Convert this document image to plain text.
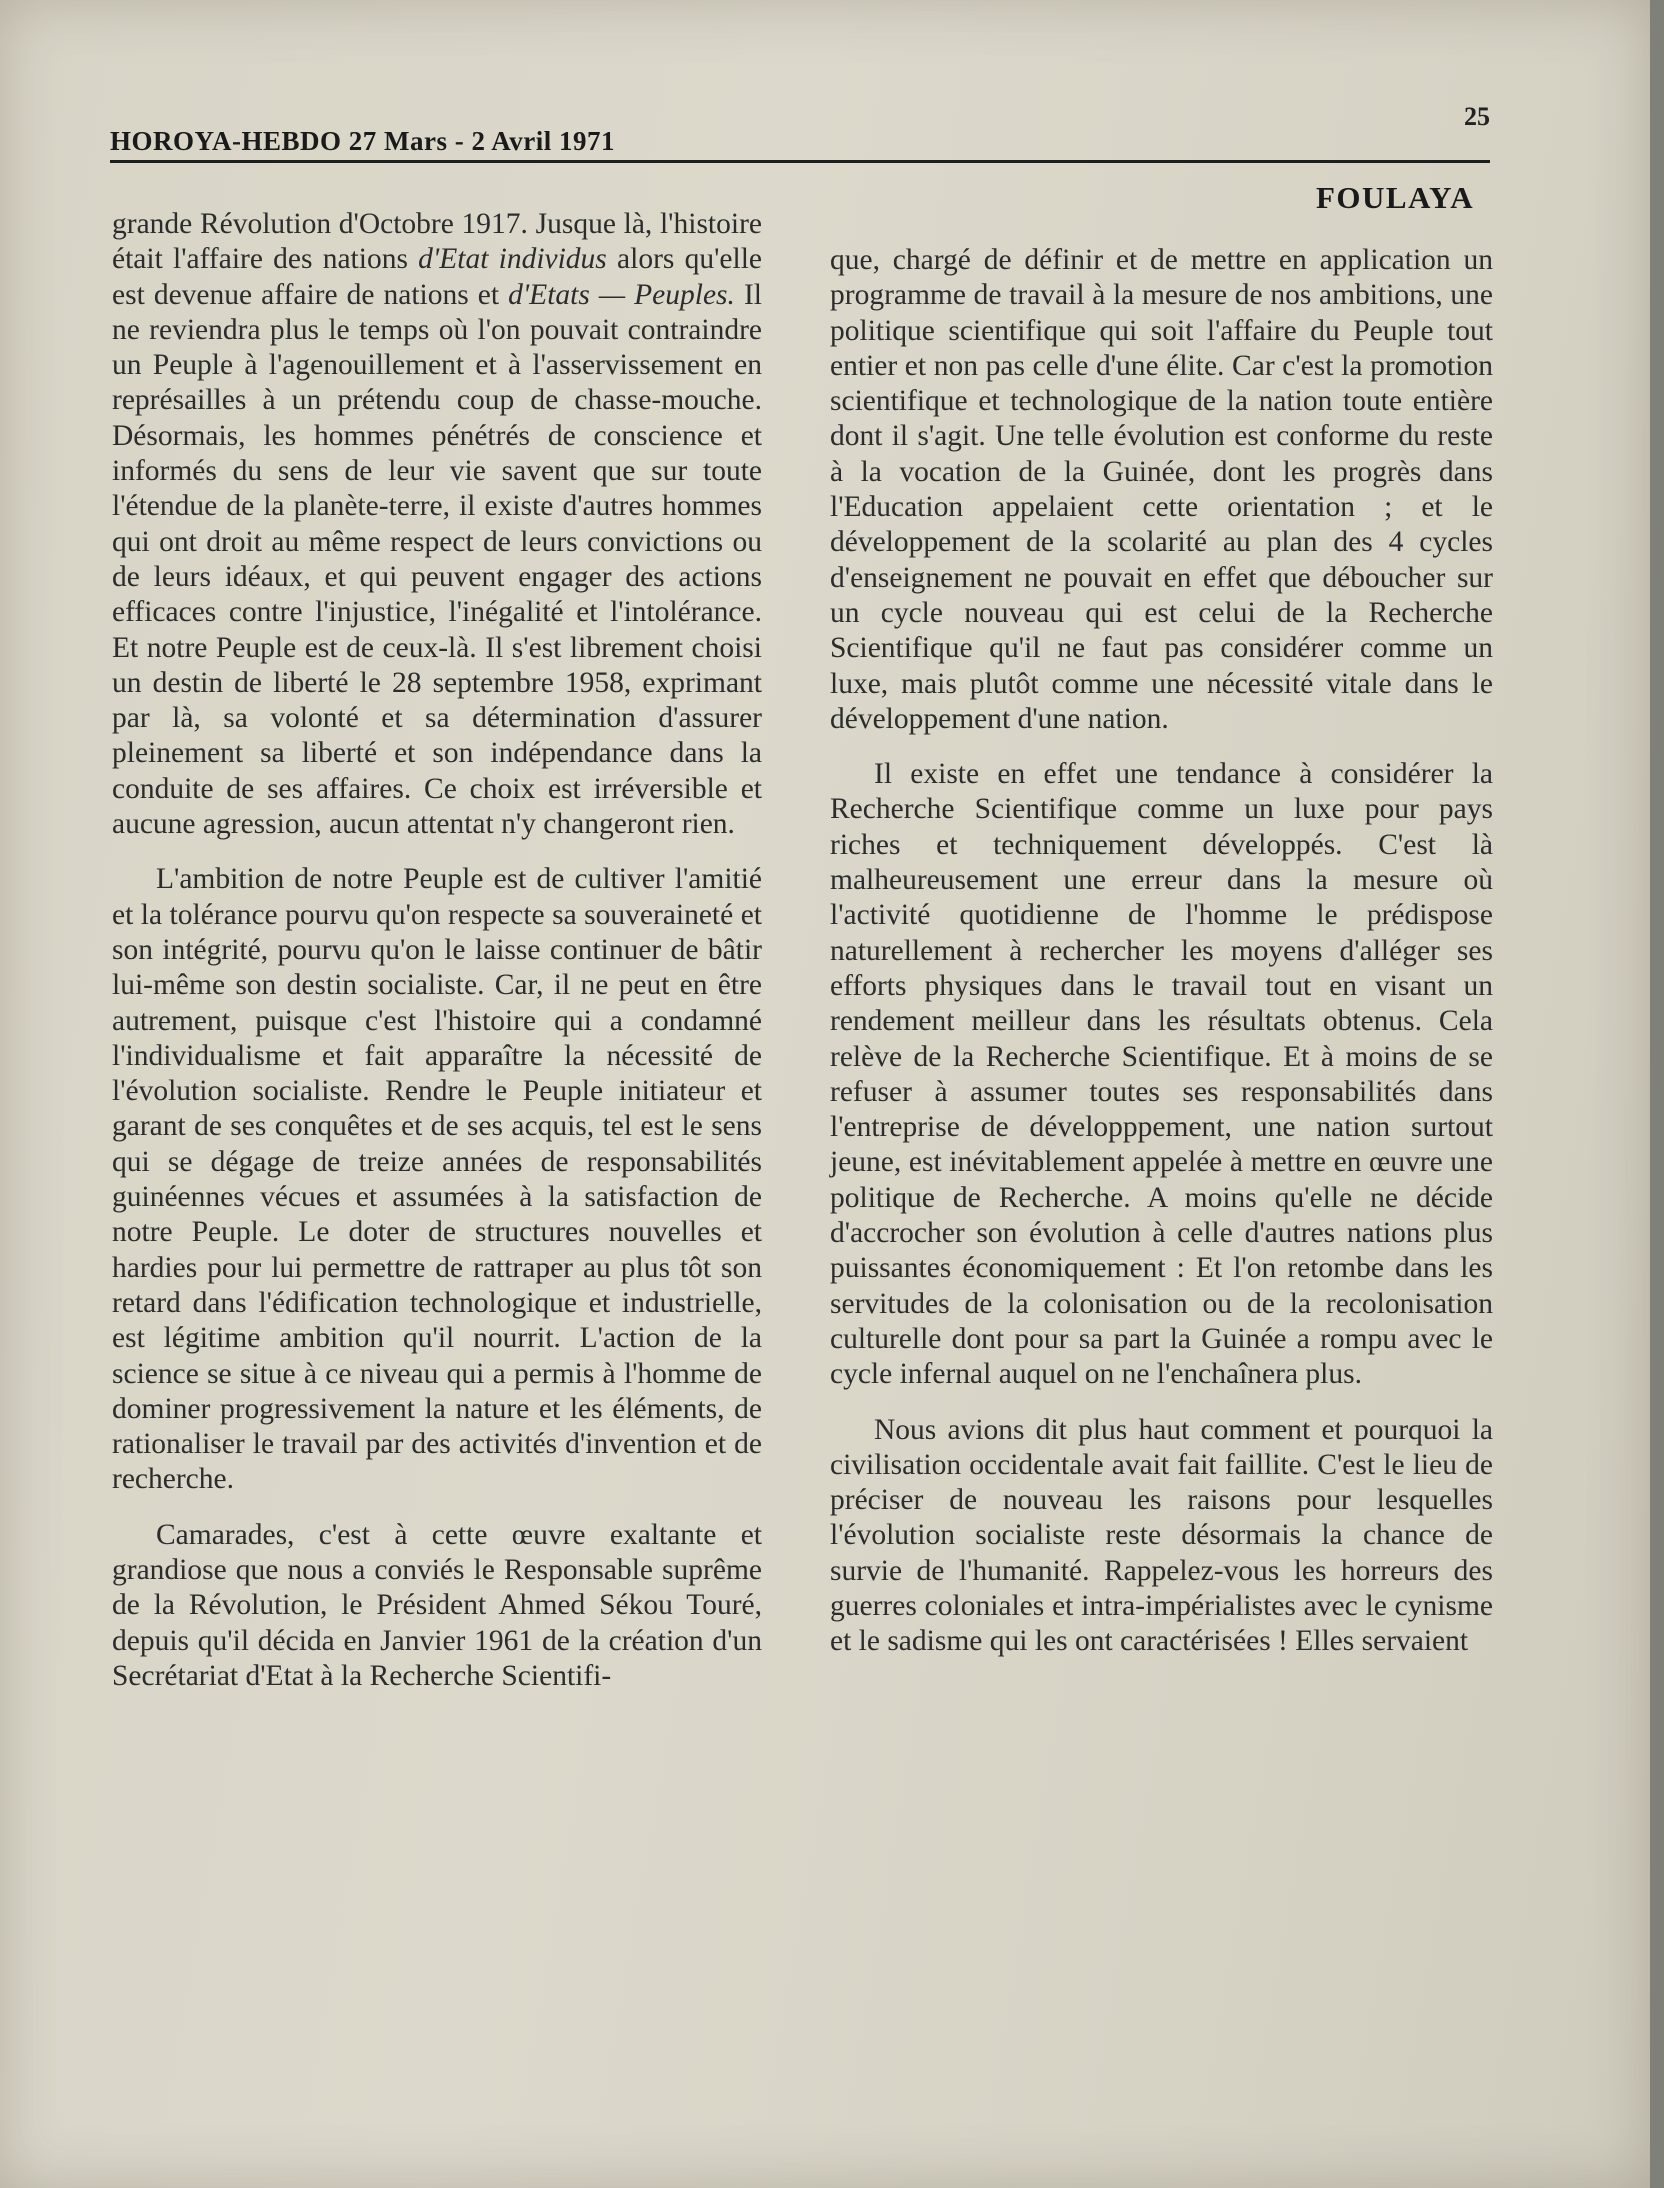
HOROYA-HEBDO 27 Mars - 2 Avril 1971
25
FOULAYA

grande Révolution d'Octobre 1917. Jusque là, l'histoire était l'affaire des nations d'Etat individus alors qu'elle est devenue affaire de nations et d'Etats — Peuples. Il ne reviendra plus le temps où l'on pouvait contraindre un Peuple à l'agenouillement et à l'asservissement en représailles à un prétendu coup de chasse-mouche. Désormais, les hommes pénétrés de conscience et informés du sens de leur vie savent que sur toute l'étendue de la planète-terre, il existe d'autres hommes qui ont droit au même respect de leurs convictions ou de leurs idéaux, et qui peuvent engager des actions efficaces contre l'injustice, l'inégalité et l'intolérance. Et notre Peuple est de ceux-là. Il s'est librement choisi un destin de liberté le 28 septembre 1958, exprimant par là, sa volonté et sa détermination d'assurer pleinement sa liberté et son indépendance dans la conduite de ses affaires. Ce choix est irréversible et aucune agression, aucun attentat n'y changeront rien.

L'ambition de notre Peuple est de cultiver l'amitié et la tolérance pourvu qu'on respecte sa souveraineté et son intégrité, pourvu qu'on le laisse continuer de bâtir lui-même son destin socialiste. Car, il ne peut en être autrement, puisque c'est l'histoire qui a condamné l'individualisme et fait apparaître la nécessité de l'évolution socialiste. Rendre le Peuple initiateur et garant de ses conquêtes et de ses acquis, tel est le sens qui se dégage de treize années de responsabilités guinéennes vécues et assumées à la satisfaction de notre Peuple. Le doter de structures nouvelles et hardies pour lui permettre de rattraper au plus tôt son retard dans l'édification technologique et industrielle, est légitime ambition qu'il nourrit. L'action de la science se situe à ce niveau qui a permis à l'homme de dominer progressivement la nature et les éléments, de rationaliser le travail par des activités d'invention et de recherche.

Camarades, c'est à cette œuvre exaltante et grandiose que nous a conviés le Responsable suprême de la Révolution, le Président Ahmed Sékou Touré, depuis qu'il décida en Janvier 1961 de la création d'un Secrétariat d'Etat à la Recherche Scientifi-

que, chargé de définir et de mettre en application un programme de travail à la mesure de nos ambitions, une politique scientifique qui soit l'affaire du Peuple tout entier et non pas celle d'une élite. Car c'est la promotion scientifique et technologique de la nation toute entière dont il s'agit. Une telle évolution est conforme du reste à la vocation de la Guinée, dont les progrès dans l'Education appelaient cette orientation ; et le développement de la scolarité au plan des 4 cycles d'enseignement ne pouvait en effet que déboucher sur un cycle nouveau qui est celui de la Recherche Scientifique qu'il ne faut pas considérer comme un luxe, mais plutôt comme une nécessité vitale dans le développement d'une nation.

Il existe en effet une tendance à considérer la Recherche Scientifique comme un luxe pour pays riches et techniquement développés. C'est là malheureusement une erreur dans la mesure où l'activité quotidienne de l'homme le prédispose naturellement à rechercher les moyens d'alléger ses efforts physiques dans le travail tout en visant un rendement meilleur dans les résultats obtenus. Cela relève de la Recherche Scientifique. Et à moins de se refuser à assumer toutes ses responsabilités dans l'entreprise de développpement, une nation surtout jeune, est inévitablement appelée à mettre en œuvre une politique de Recherche. A moins qu'elle ne décide d'accrocher son évolution à celle d'autres nations plus puissantes économiquement : Et l'on retombe dans les servitudes de la colonisation ou de la recolonisation culturelle dont pour sa part la Guinée a rompu avec le cycle infernal auquel on ne l'enchaînera plus.

Nous avions dit plus haut comment et pourquoi la civilisation occidentale avait fait faillite. C'est le lieu de préciser de nouveau les raisons pour lesquelles l'évolution socialiste reste désormais la chance de survie de l'humanité. Rappelez-vous les horreurs des guerres coloniales et intra-impérialistes avec le cynisme et le sadisme qui les ont caractérisées ! Elles servaient
